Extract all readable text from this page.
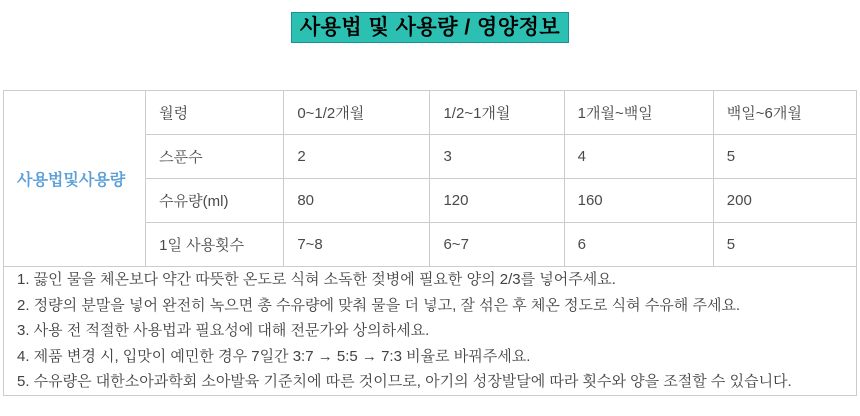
사용법 및 사용량 / 영양정보
사용법및사용량	월령	0~1/2개월	1/2~1개월	1개월~백일	백일~6개월
	스푼수	2	3	4	5
	수유량(ml)	80	120	160	200
	1일 사용횟수	7~8	6~7	6	5

1. 끓인 물을 체온보다 약간 따뜻한 온도로 식혀 소독한 젖병에 필요한 양의 2/3를 넣어주세요.
2. 정량의 분말을 넣어 완전히 녹으면 총 수유량에 맞춰 물을 더 넣고, 잘 섞은 후 체온 정도로 식혀 수유해 주세요.
3. 사용 전 적절한 사용법과 필요성에 대해 전문가와 상의하세요.
4. 제품 변경 시, 입맛이 예민한 경우 7일간 3:7 → 5:5 → 7:3 비율로 바꿔주세요.
5. 수유량은 대한소아과학회 소아발육 기준치에 따른 것이므로, 아기의 성장발달에 따라 횟수와 양을 조절할 수 있습니다.					
